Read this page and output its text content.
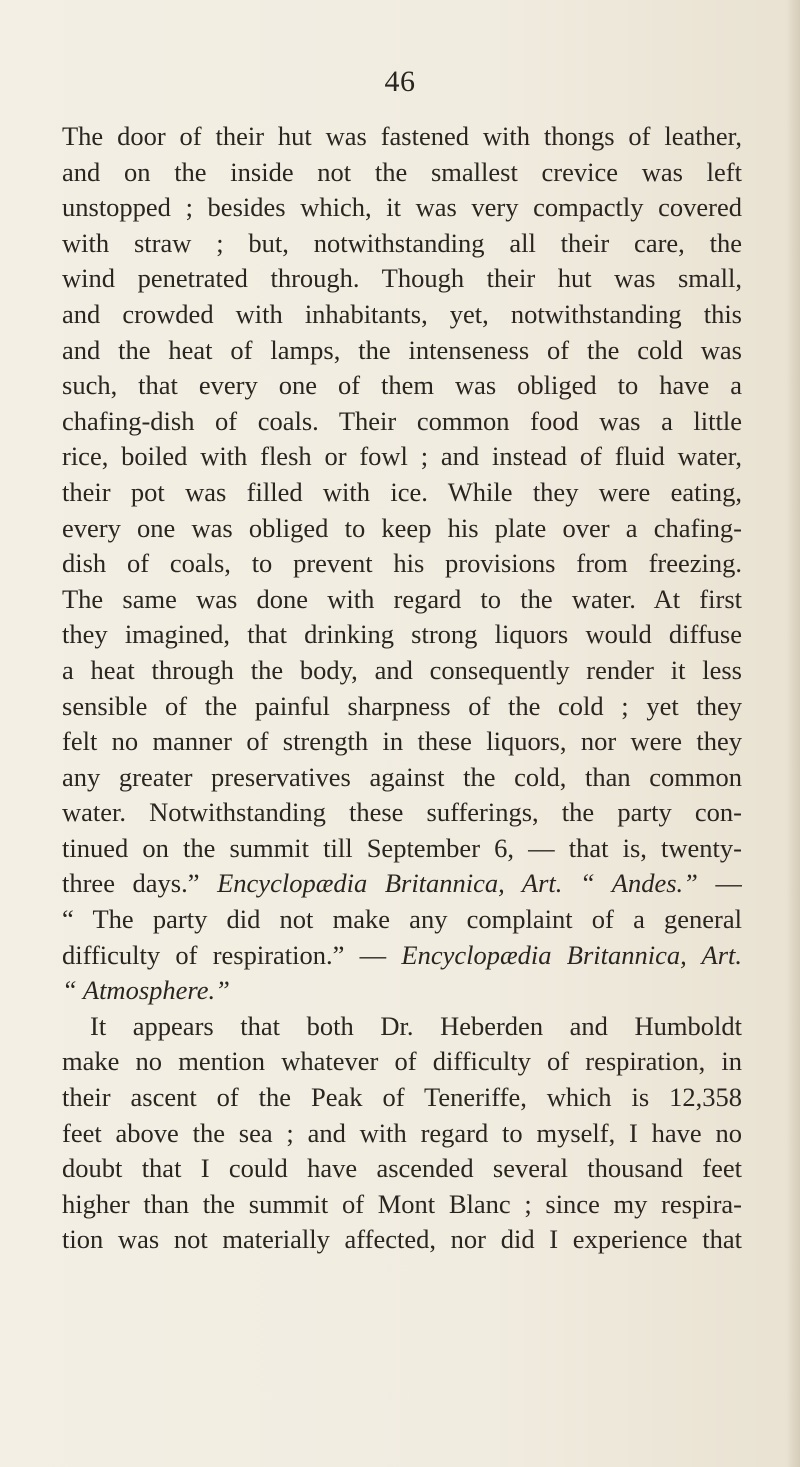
46
The door of their hut was fastened with thongs of leather,
and on the inside not the smallest crevice was left
unstopped ; besides which, it was very compactly covered
with straw ; but, notwithstanding all their care, the
wind penetrated through. Though their hut was small,
and crowded with inhabitants, yet, notwithstanding this
and the heat of lamps, the intenseness of the cold was
such, that every one of them was obliged to have a
chafing-dish of coals. Their common food was a little
rice, boiled with flesh or fowl ; and instead of fluid water,
their pot was filled with ice. While they were eating,
every one was obliged to keep his plate over a chafing-
dish of coals, to prevent his provisions from freezing.
The same was done with regard to the water. At first
they imagined, that drinking strong liquors would diffuse
a heat through the body, and consequently render it less
sensible of the painful sharpness of the cold ; yet they
felt no manner of strength in these liquors, nor were they
any greater preservatives against the cold, than common
water. Notwithstanding these sufferings, the party con-
tinued on the summit till September 6, — that is, twenty-
three days.” Encyclopædia Britannica, Art. “ Andes.” —
“ The party did not make any complaint of a general
difficulty of respiration.” — Encyclopædia Britannica, Art.
“ Atmosphere.”
It appears that both Dr. Heberden and Humboldt
make no mention whatever of difficulty of respiration, in
their ascent of the Peak of Teneriffe, which is 12,358
feet above the sea ; and with regard to myself, I have no
doubt that I could have ascended several thousand feet
higher than the summit of Mont Blanc ; since my respira-
tion was not materially affected, nor did I experience that
